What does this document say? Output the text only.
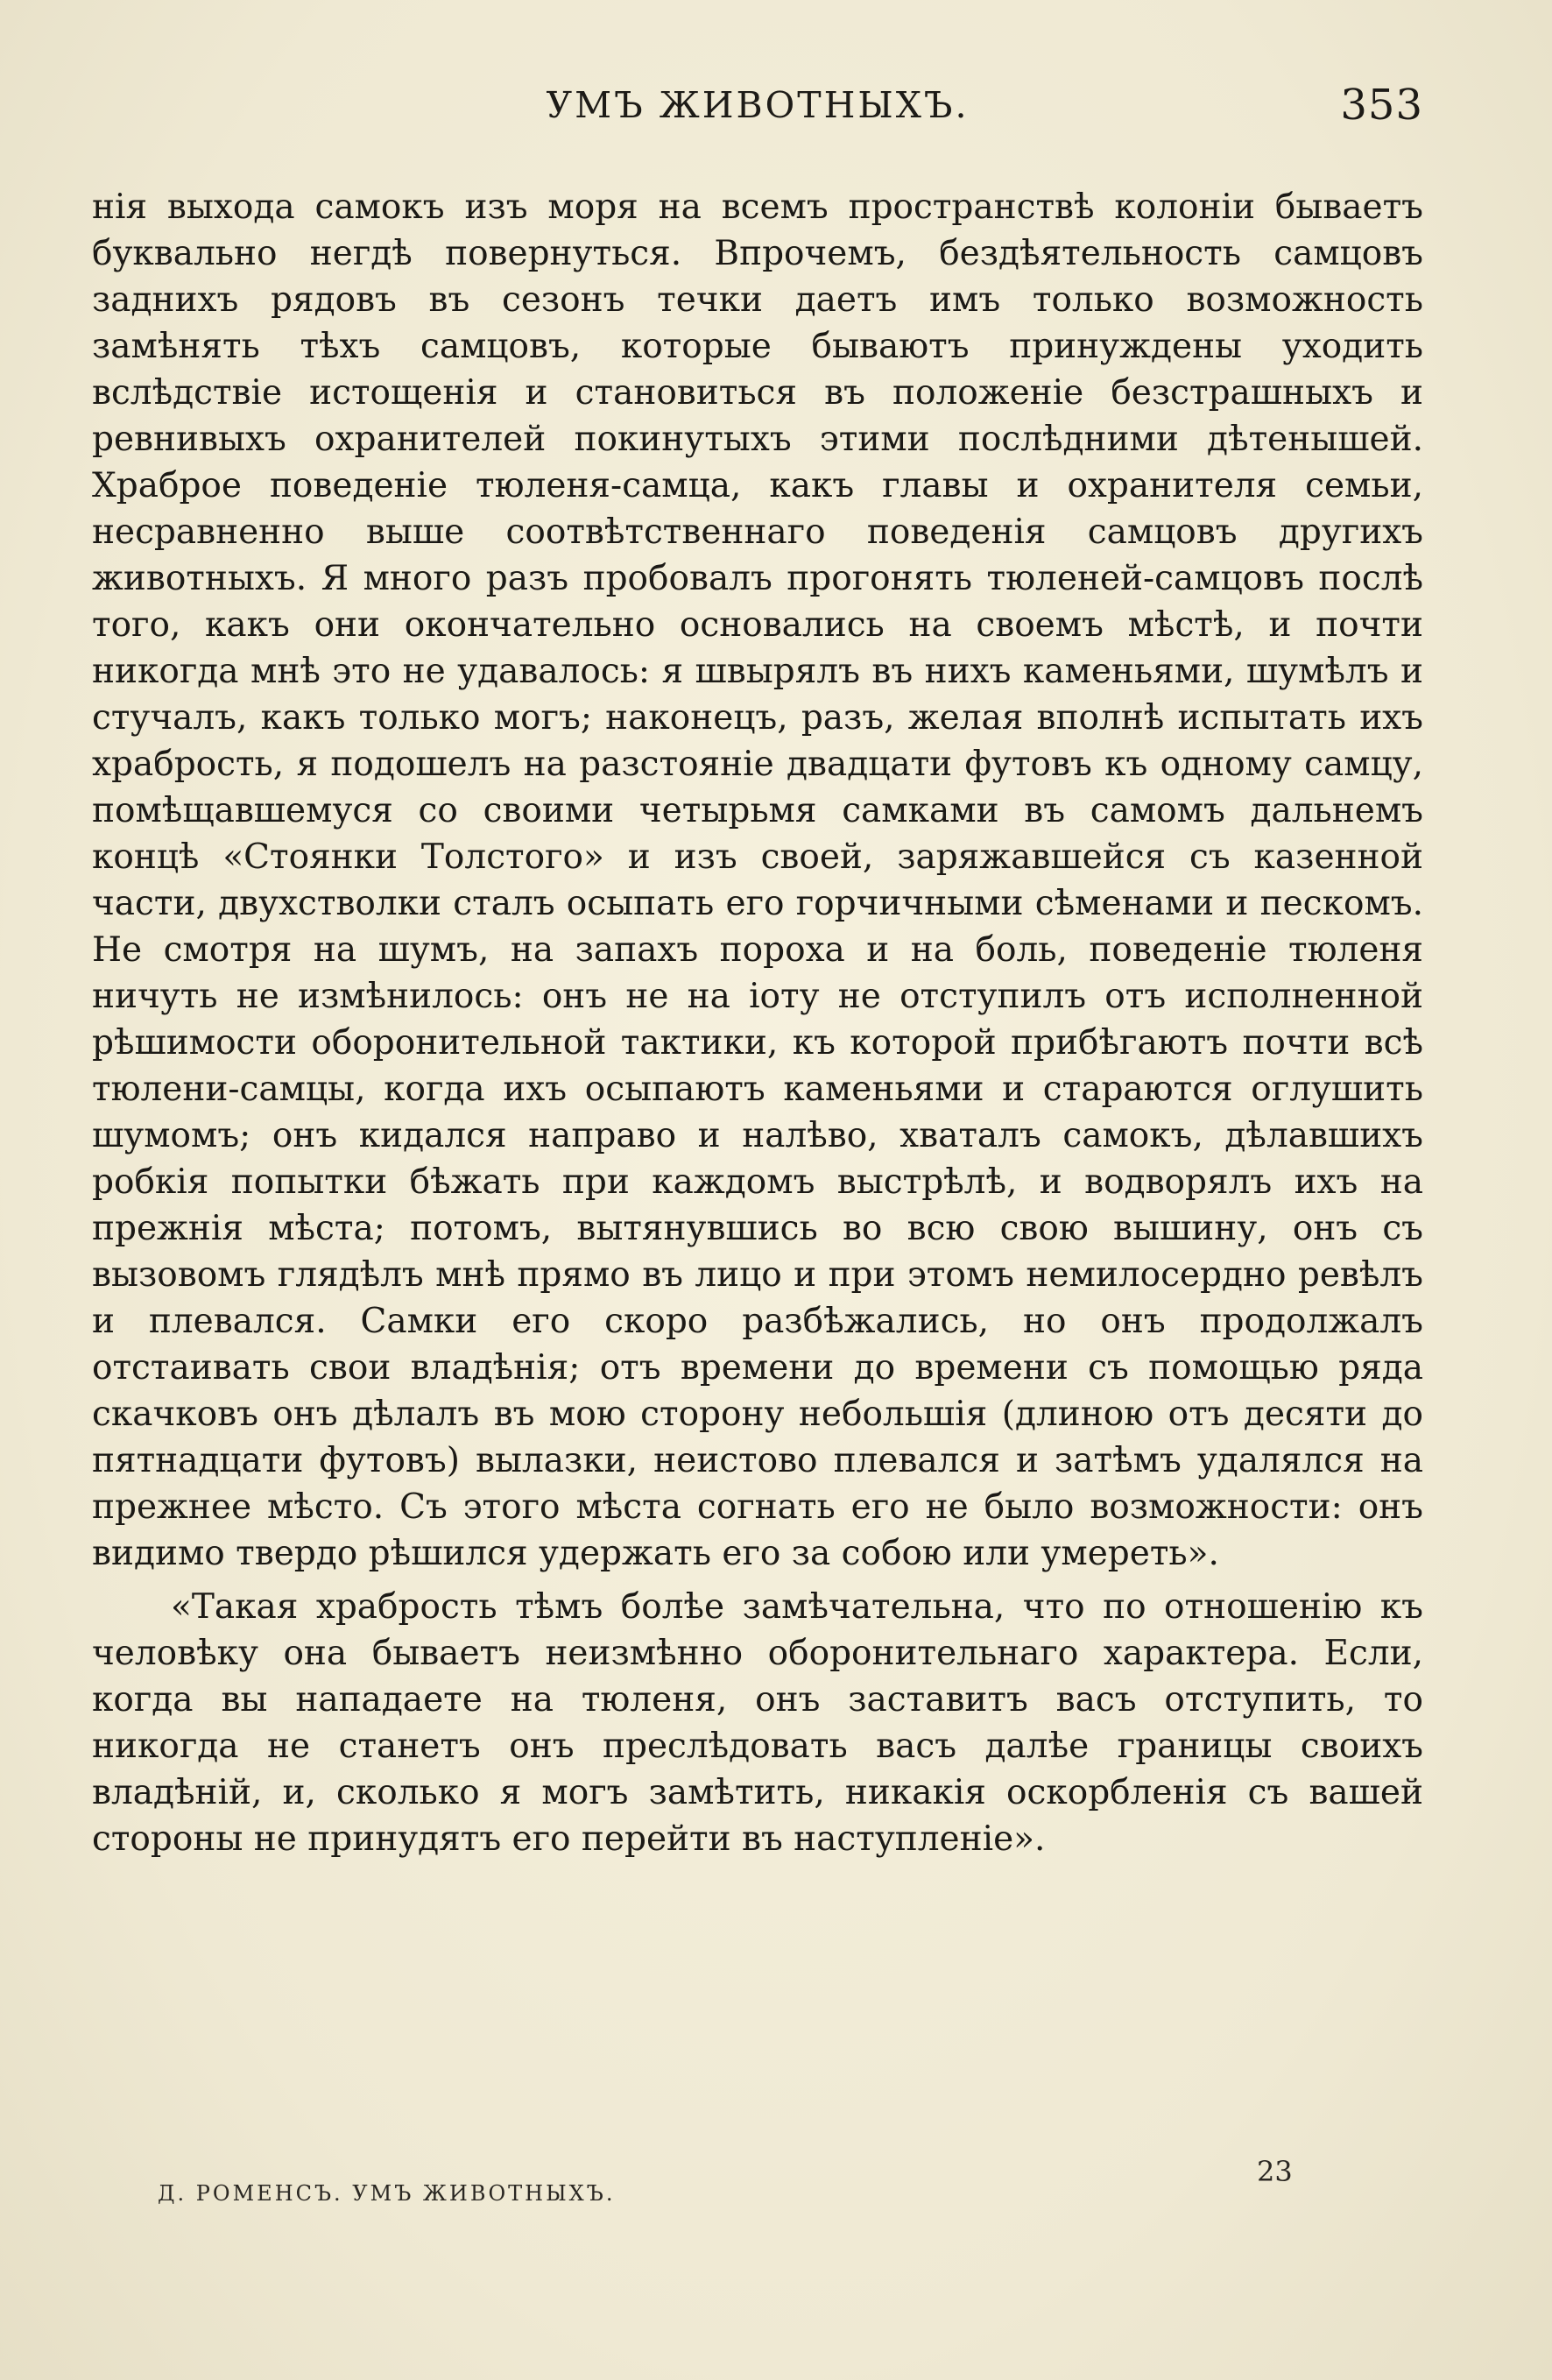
УМЪ ЖИВОТНЫХЪ.	353

нія выхода самокъ изъ моря на всемъ пространствѣ колоніи бываетъ буквально негдѣ повернуться. Впрочемъ, бездѣятельность самцовъ заднихъ рядовъ въ сезонъ течки даетъ имъ только возможность замѣнять тѣхъ самцовъ, которые бываютъ принуждены уходить вслѣдствіе истощенія и становиться въ положеніе безстрашныхъ и ревнивыхъ охранителей покинутыхъ этими послѣдними дѣтенышей. Храброе поведеніе тюленя-самца, какъ главы и охранителя семьи, несравненно выше соотвѣтственнаго поведенія самцовъ другихъ животныхъ. Я много разъ пробовалъ прогонять тюленей-самцовъ послѣ того, какъ они окончательно основались на своемъ мѣстѣ, и почти никогда мнѣ это не удавалось: я швырялъ въ нихъ каменьями, шумѣлъ и стучалъ, какъ только могъ; наконецъ, разъ, желая вполнѣ испытать ихъ храбрость, я подошелъ на разстояніе двадцати футовъ къ одному самцу, помѣщавшемуся со своими четырьмя самками въ самомъ дальнемъ концѣ «Стоянки Толстого» и изъ своей, заряжавшейся съ казенной части, двухстволки сталъ осыпать его горчичными сѣменами и пескомъ. Не смотря на шумъ, на запахъ пороха и на боль, поведеніе тюленя ничуть не измѣнилось: онъ не на іоту не отступилъ отъ исполненной рѣшимости оборонительной тактики, къ которой прибѣгаютъ почти всѣ тюлени-самцы, когда ихъ осыпаютъ каменьями и стараются оглушить шумомъ; онъ кидался направо и налѣво, хваталъ самокъ, дѣлавшихъ робкія попытки бѣжать при каждомъ выстрѣлѣ, и водворялъ ихъ на прежнія мѣста; потомъ, вытянувшись во всю свою вышину, онъ съ вызовомъ глядѣлъ мнѣ прямо въ лицо и при этомъ немилосердно ревѣлъ и плевался. Самки его скоро разбѣжались, но онъ продолжалъ отстаивать свои владѣнія; отъ времени до времени съ помощью ряда скачковъ онъ дѣлалъ въ мою сторону небольшія (длиною отъ десяти до пятнадцати футовъ) вылазки, неистово плевался и затѣмъ удалялся на прежнее мѣсто. Съ этого мѣста согнать его не было возможности: онъ видимо твердо рѣшился удержать его за собою или умереть».

«Такая храбрость тѣмъ болѣе замѣчательна, что по отношенію къ человѣку она бываетъ неизмѣнно оборонительнаго характера. Если, когда вы нападаете на тюленя, онъ заставитъ васъ отступить, то никогда не станетъ онъ преслѣдовать васъ далѣе границы своихъ владѣній, и, сколько я могъ замѣтить, никакія оскорбленія съ вашей стороны не принудятъ его перейти въ наступленіе».

Д. РОМЕНСЪ. УМЪ ЖИВОТНЫХЪ.
23
